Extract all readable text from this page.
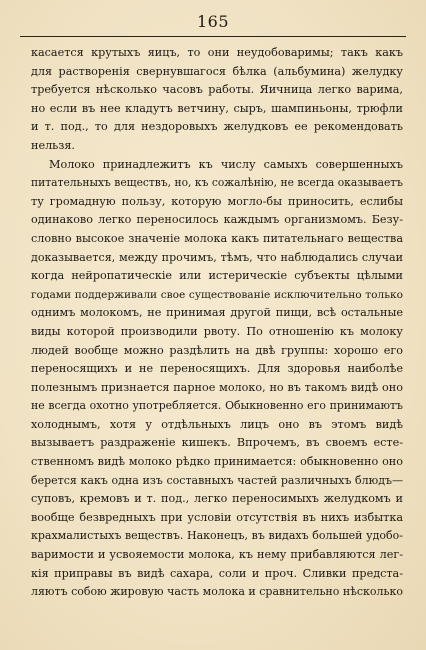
165
касается крутыхъ яицъ, то они неудобоваримы; такъ какъ
для растворенія свернувшагося бѣлка (альбумина) желудку
требуется нѣсколько часовъ работы. Яичница легко варима,
но если въ нее кладутъ ветчину, сыръ, шампиньоны, трюфли
и т. под., то для нездоровыхъ желудковъ ее рекомендовать
нельзя.
Молоко принадлежитъ къ числу самыхъ совершенныхъ
питательныхъ веществъ, но, къ сожалѣнію, не всегда оказываетъ
ту громадную пользу, которую могло-бы приносить, еслибы
одинаково легко переносилось каждымъ организмомъ. Безу-
словно высокое значеніе молока какъ питательнаго вещества
доказывается, между прочимъ, тѣмъ, что наблюдались случаи
когда нейропатическіе или истерическіе субъекты цѣлыми
годами поддерживали свое существованіе исключительно только
однимъ молокомъ, не принимая другой пищи, всѣ остальные
виды которой производили рвоту. По отношенію къ молоку
людей вообще можно раздѣлить на двѣ группы: хорошо его
переносящихъ и не переносящихъ. Для здоровья наиболѣе
полезнымъ признается парное молоко, но въ такомъ видѣ оно
не всегда охотно употребляется. Обыкновенно его принимаютъ
холоднымъ, хотя у отдѣльныхъ лицъ оно въ этомъ видѣ
вызываетъ раздраженіе кишекъ. Впрочемъ, въ своемъ есте-
ственномъ видѣ молоко рѣдко принимается: обыкновенно оно
берется какъ одна изъ составныхъ частей различныхъ блюдъ—
суповъ, кремовъ и т. под., легко переносимыхъ желудкомъ и
вообще безвредныхъ при условіи отсутствія въ нихъ избытка
крахмалистыхъ веществъ. Наконецъ, въ видахъ большей удобо-
варимости и усвояемости молока, къ нему прибавляются лег-
кія приправы въ видѣ сахара, соли и проч. Сливки предста-
ляютъ собою жировую часть молока и сравнительно нѣсколько
